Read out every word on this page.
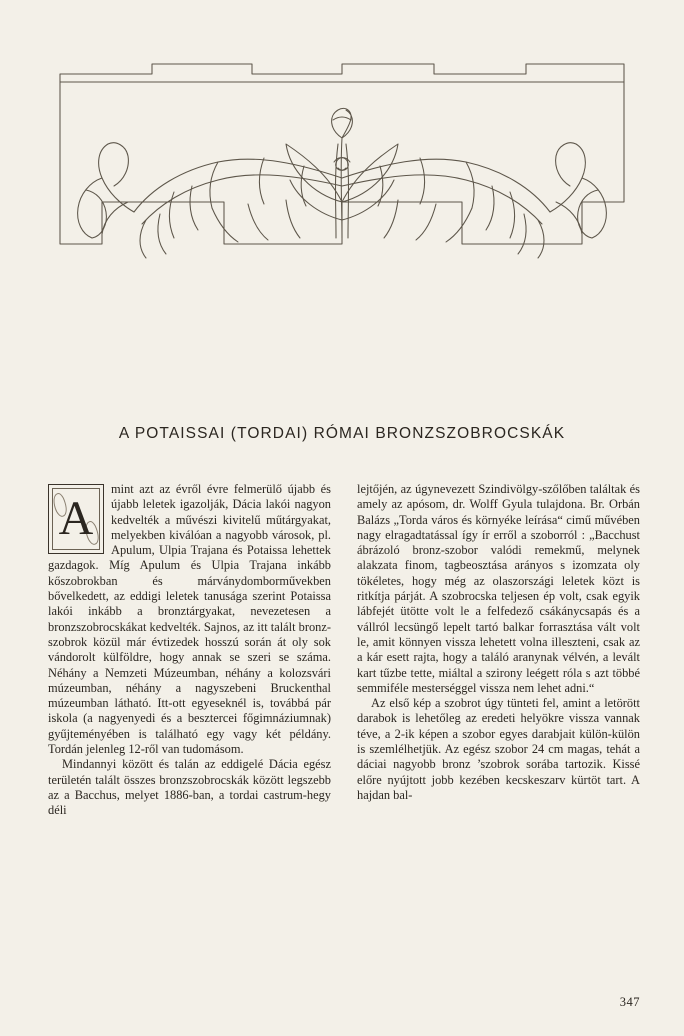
A POTAISSAI (TORDAI) RÓMAI BRONZSZOBROCSKÁK

A
mint azt az évről évre felmerülő újabb és újabb leletek igazolják, Dácia lakói nagyon kedvelték a művészi kivitelű műtárgyakat, melyekben kiválóan a nagyobb városok, pl. Apulum, Ulpia Trajana és Potaissa lehettek gazdagok. Míg Apulum és Ulpia Trajana inkább kőszobrokban és márványdomborművekben bővelkedett, az eddigi leletek tanusága szerint Potaissa lakói inkább a bronztárgyakat, nevezetesen a bronzszobrocskákat kedvelték. Sajnos, az itt talált bronz-szobrok közül már évtizedek hosszú során át oly sok vándorolt külföldre, hogy annak se szeri se száma. Néhány a Nemzeti Múzeumban, néhány a kolozsvári múzeumban, néhány a nagyszebeni Bruckenthal múzeumban látható. Itt-ott egyeseknél is, továbbá pár iskola (a nagyenyedi és a besztercei főgimnáziumnak) gyűjteményében is található egy vagy két példány. Tordán jelenleg 12-ről van tudomásom.

Mindannyi között és talán az eddigelé Dácia egész területén talált összes bronzszobrocskák között legszebb az a Bacchus, melyet 1886-ban, a tordai castrum-hegy déli

lejtőjén, az úgynevezett Szindivölgy-szőlőben találtak és amely az apósom, dr. Wolff Gyula tulajdona. Br. Orbán Balázs „Torda város és környéke leírása“ cimű művében nagy elragadtatással így ír erről a szoborról : „Bacchust ábrázoló bronz-szobor valódi remekmű, melynek alakzata finom, tagbeosztása arányos s izomzata oly tökéletes, hogy még az olaszországi leletek közt is ritkítja párját. A szobrocska teljesen ép volt, csak egyik lábfejét ütötte volt le a felfedező csákánycsapás és a vállról lecsüngő lepelt tartó balkar forrasztása vált volt le, amit könnyen vissza lehetett volna illeszteni, csak az a kár esett rajta, hogy a találó aranynak vélvén, a levált kart tűzbe tette, miáltal a szirony leégett róla s azt többé semmiféle mesterséggel vissza nem lehet adni.“

Az első kép a szobrot úgy tünteti fel, amint a letörött darabok is lehetőleg az eredeti helyökre vissza vannak téve, a 2-ik képen a szobor egyes darabjait külön-külön is szemlélhetjük. Az egész szobor 24 cm magas, tehát a dáciai nagyobb bronz ’szobrok sorába tartozik. Kissé előre nyújtott jobb kezében kecskeszarv kürtöt tart. A hajdan bal-

347
